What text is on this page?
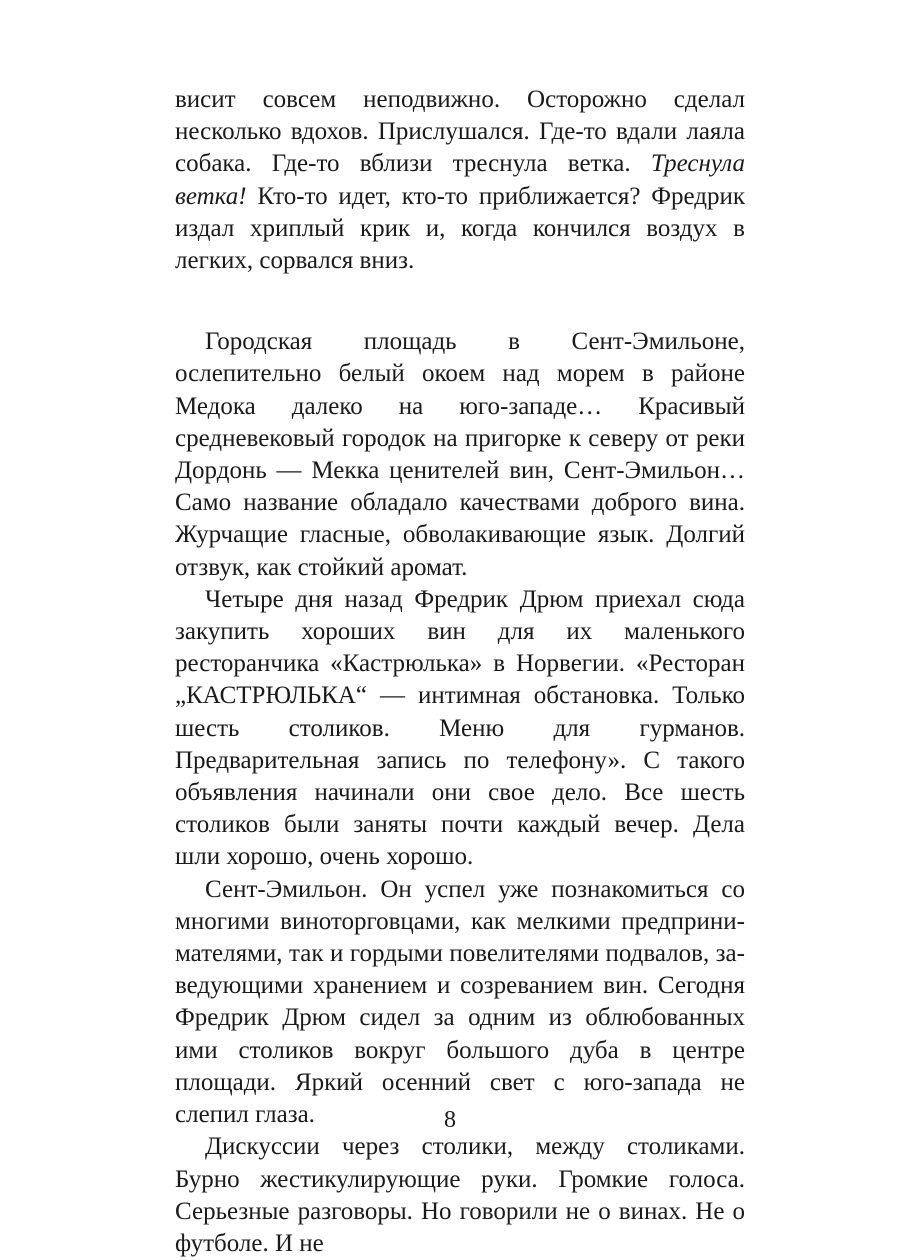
висит совсем неподвижно. Осторожно сделал несколько вдохов. Прислушался. Где-то вдали лаяла собака. Где-то вблизи треснула ветка. Треснула ветка! Кто-то идет, кто-то приближается? Фредрик издал хриплый крик и, когда кончился воздух в легких, сорвался вниз.

Городская площадь в Сент-Эмильоне, ослепительно белый окоем над морем в районе Медока далеко на юго-западе… Красивый средневековый городок на пригорке к северу от реки Дордонь — Мекка ценителей вин, Сент-Эмильон… Само название обладало качествами доброго вина. Журчащие гласные, обволакивающие язык. Долгий отзвук, как стойкий аромат.

Четыре дня назад Фредрик Дрюм приехал сюда закупить хороших вин для их маленького ресторанчика «Кастрюлька» в Норвегии. «Ресторан „КАСТРЮЛЬКА“ — интимная обстановка. Только шесть столиков. Меню для гурманов. Предварительная запись по телефону». С такого объявления начинали они свое дело. Все шесть столиков были заняты почти каждый вечер. Дела шли хорошо, очень хорошо.

Сент-Эмильон. Он успел уже познакомиться со многими виноторговцами, как мелкими предпринимателями, так и гордыми повелителями подвалов, заведующими хранением и созреванием вин. Сегодня Фредрик Дрюм сидел за одним из облюбованных ими столиков вокруг большого дуба в центре площади. Яркий осенний свет с юго-запада не слепил глаза.

Дискуссии через столики, между столиками. Бурно жестикулирующие руки. Громкие голоса. Серьезные разговоры. Но говорили не о винах. Не о футболе. И не

8
